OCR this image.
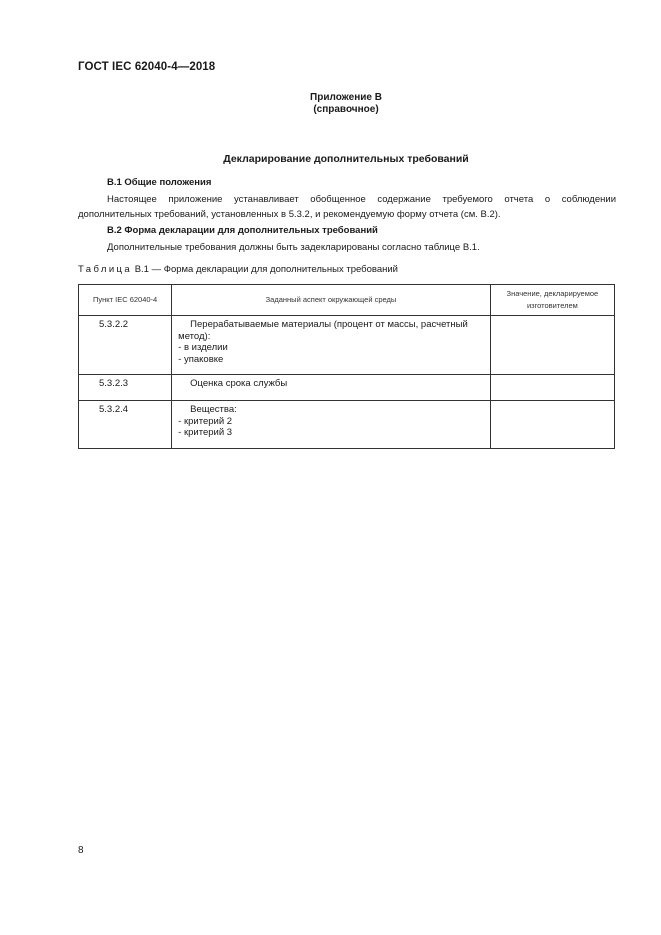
ГОСТ IEC 62040-4—2018
Приложение В
(справочное)
Декларирование дополнительных требований
В.1 Общие положения
Настоящее приложение устанавливает обобщенное содержание требуемого отчета о соблюдении дополнительных требований, установленных в 5.3.2, и рекомендуемую форму отчета (см. В.2).
В.2 Форма декларации для дополнительных требований
Дополнительные требования должны быть задекларированы согласно таблице В.1.
Таблица В.1 — Форма декларации для дополнительных требований
Пункт IEC 62040-4	Заданный аспект окружающей среды	Значение, декларируемое изготовителем
5.3.2.2	Перерабатываемые материалы (процент от массы, расчетный метод):
- в изделии
- упаковке	

5.3.2.3	Оценка срока службы	

5.3.2.4	Вещества:
- критерий 2
- критерий 3	

8
